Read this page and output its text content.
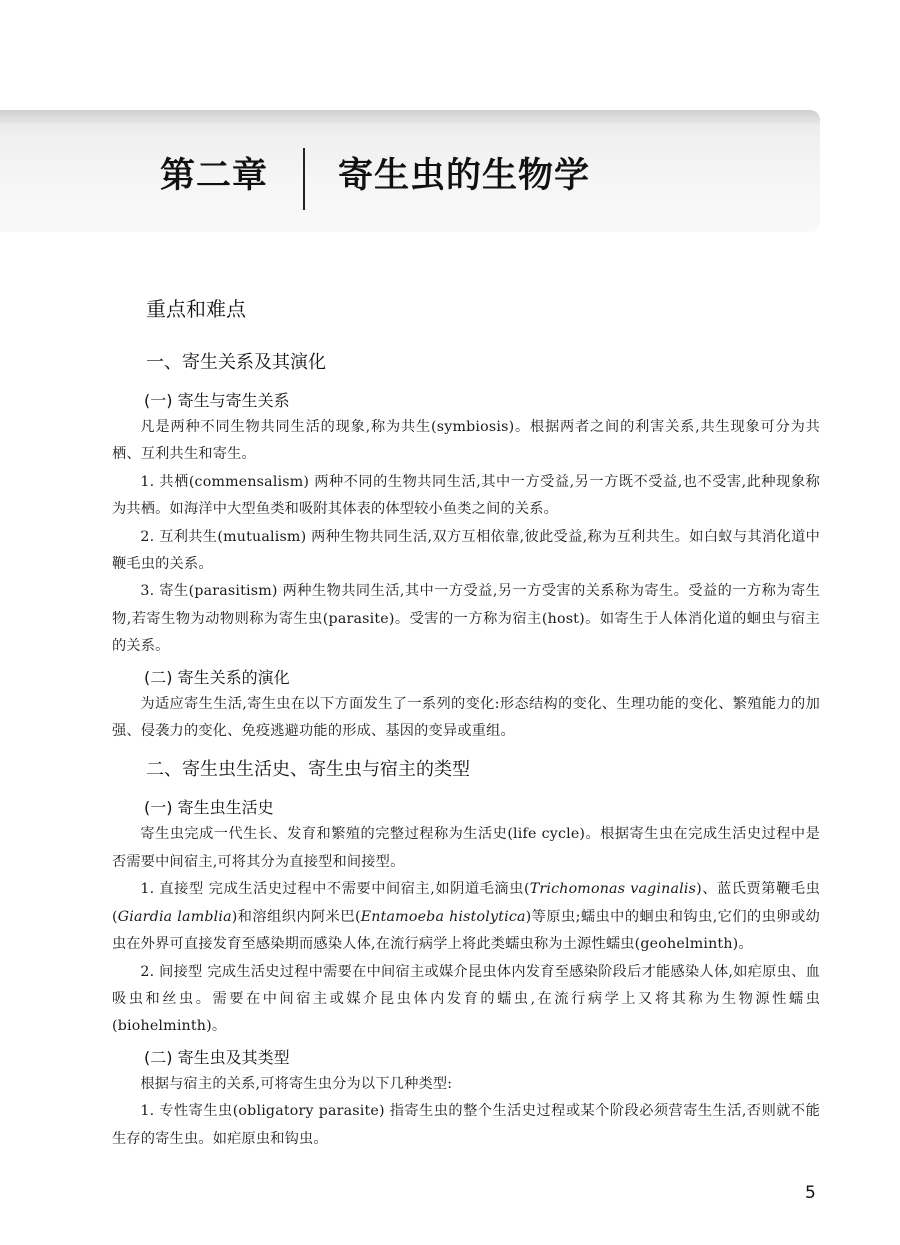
第二章 寄生虫的生物学
重点和难点
一、寄生关系及其演化
(一) 寄生与寄生关系

凡是两种不同生物共同生活的现象,称为共生(symbiosis)。根据两者之间的利害关系,共生现象可分为共栖、互利共生和寄生。

1. 共栖(commensalism) 两种不同的生物共同生活,其中一方受益,另一方既不受益,也不受害,此种现象称为共栖。如海洋中大型鱼类和吸附其体表的体型较小鱼类之间的关系。

2. 互利共生(mutualism) 两种生物共同生活,双方互相依靠,彼此受益,称为互利共生。如白蚁与其消化道中鞭毛虫的关系。

3. 寄生(parasitism) 两种生物共同生活,其中一方受益,另一方受害的关系称为寄生。受益的一方称为寄生物,若寄生物为动物则称为寄生虫(parasite)。受害的一方称为宿主(host)。如寄生于人体消化道的蛔虫与宿主的关系。

(二) 寄生关系的演化

为适应寄生生活,寄生虫在以下方面发生了一系列的变化:形态结构的变化、生理功能的变化、繁殖能力的加强、侵袭力的变化、免疫逃避功能的形成、基因的变异或重组。

二、寄生虫生活史、寄生虫与宿主的类型
(一) 寄生虫生活史

寄生虫完成一代生长、发育和繁殖的完整过程称为生活史(life cycle)。根据寄生虫在完成生活史过程中是否需要中间宿主,可将其分为直接型和间接型。

1. 直接型 完成生活史过程中不需要中间宿主,如阴道毛滴虫(Trichomonas vaginalis)、蓝氏贾第鞭毛虫(Giardia lamblia)和溶组织内阿米巴(Entamoeba histolytica)等原虫;蠕虫中的蛔虫和钩虫,它们的虫卵或幼虫在外界可直接发育至感染期而感染人体,在流行病学上将此类蠕虫称为土源性蠕虫(geohelminth)。

2. 间接型 完成生活史过程中需要在中间宿主或媒介昆虫体内发育至感染阶段后才能感染人体,如疟原虫、血吸虫和丝虫。需要在中间宿主或媒介昆虫体内发育的蠕虫,在流行病学上又将其称为生物源性蠕虫(biohelminth)。

(二) 寄生虫及其类型

根据与宿主的关系,可将寄生虫分为以下几种类型:

1. 专性寄生虫(obligatory parasite) 指寄生虫的整个生活史过程或某个阶段必须营寄生生活,否则就不能生存的寄生虫。如疟原虫和钩虫。

5
